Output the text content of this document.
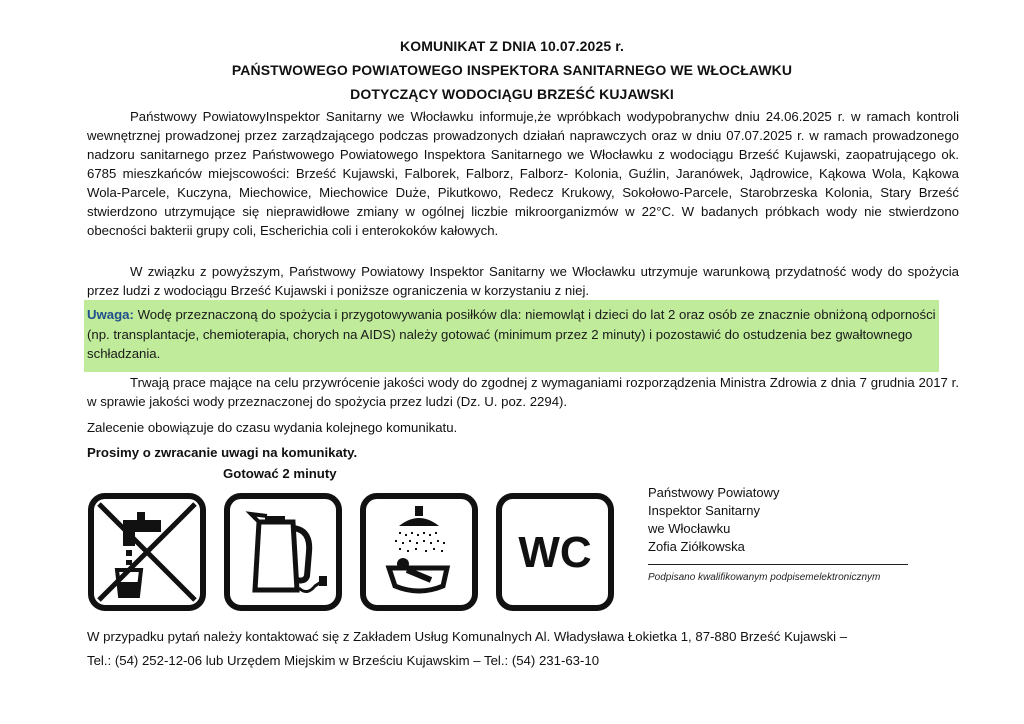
KOMUNIKAT Z DNIA 10.07.2025 r.
PAŃSTWOWEGO POWIATOWEGO INSPEKTORA SANITARNEGO WE WŁOCŁAWKU
DOTYCZĄCY WODOCIĄGU BRZEŚĆ KUJAWSKI
Państwowy PowiatowyInspektor Sanitarny we Włocławku informuje,że wpróbkach wodypobranychw dniu 24.06.2025 r. w ramach kontroli wewnętrznej prowadzonej przez zarządzającego podczas prowadzonych działań naprawczych oraz w dniu 07.07.2025 r. w ramach prowadzonego nadzoru sanitarnego przez Państwowego Powiatowego Inspektora Sanitarnego we Włocławku z wodociągu Brześć Kujawski, zaopatrującego ok. 6785 mieszkańców miejscowości: Brześć Kujawski, Falborek, Falborz, Falborz- Kolonia, Guźlin, Jaranówek, Jądrowice, Kąkowa Wola, Kąkowa Wola-Parcele, Kuczyna, Miechowice, Miechowice Duże, Pikutkowo, Redecz Krukowy, Sokołowo-Parcele, Starobrzeska Kolonia, Stary Brześć stwierdzono utrzymujące się nieprawidłowe zmiany w ogólnej liczbie mikroorganizmów w 22°C. W badanych próbkach wody nie stwierdzono obecności bakterii grupy coli, Escherichia coli i enterokoków kałowych.
W związku z powyższym, Państwowy Powiatowy Inspektor Sanitarny we Włocławku utrzymuje warunkową przydatność wody do spożycia przez ludzi z wodociągu Brześć Kujawski i poniższe ograniczenia w korzystaniu z niej.
Uwaga: Wodę przeznaczoną do spożycia i przygotowywania posiłków dla: niemowląt i dzieci do lat 2 oraz osób ze znacznie obniżoną odporności (np. transplantacje, chemioterapia, chorych na AIDS) należy gotować (minimum przez 2 minuty) i pozostawić do ostudzenia bez gwałtownego schładzania.
Trwają prace mające na celu przywrócenie jakości wody do zgodnej z wymaganiami rozporządzenia Ministra Zdrowia z dnia 7 grudnia 2017 r. w sprawie jakości wody przeznaczonej do spożycia przez ludzi (Dz. U. poz. 2294).
Zalecenie obowiązuje do czasu wydania kolejnego komunikatu.
Prosimy o zwracanie uwagi na komunikaty.
Gotować 2 minuty
WC
Państwowy Powiatowy
Inspektor Sanitarny
we Włocławku
Zofia Ziółkowska
Podpisano kwalifikowanym podpisemelektronicznym
W przypadku pytań należy kontaktować się z Zakładem Usług Komunalnych Al. Władysława Łokietka 1, 87-880 Brześć Kujawski –
Tel.: (54) 252-12-06 lub Urzędem Miejskim w Brześciu Kujawskim – Tel.: (54) 231-63-10
